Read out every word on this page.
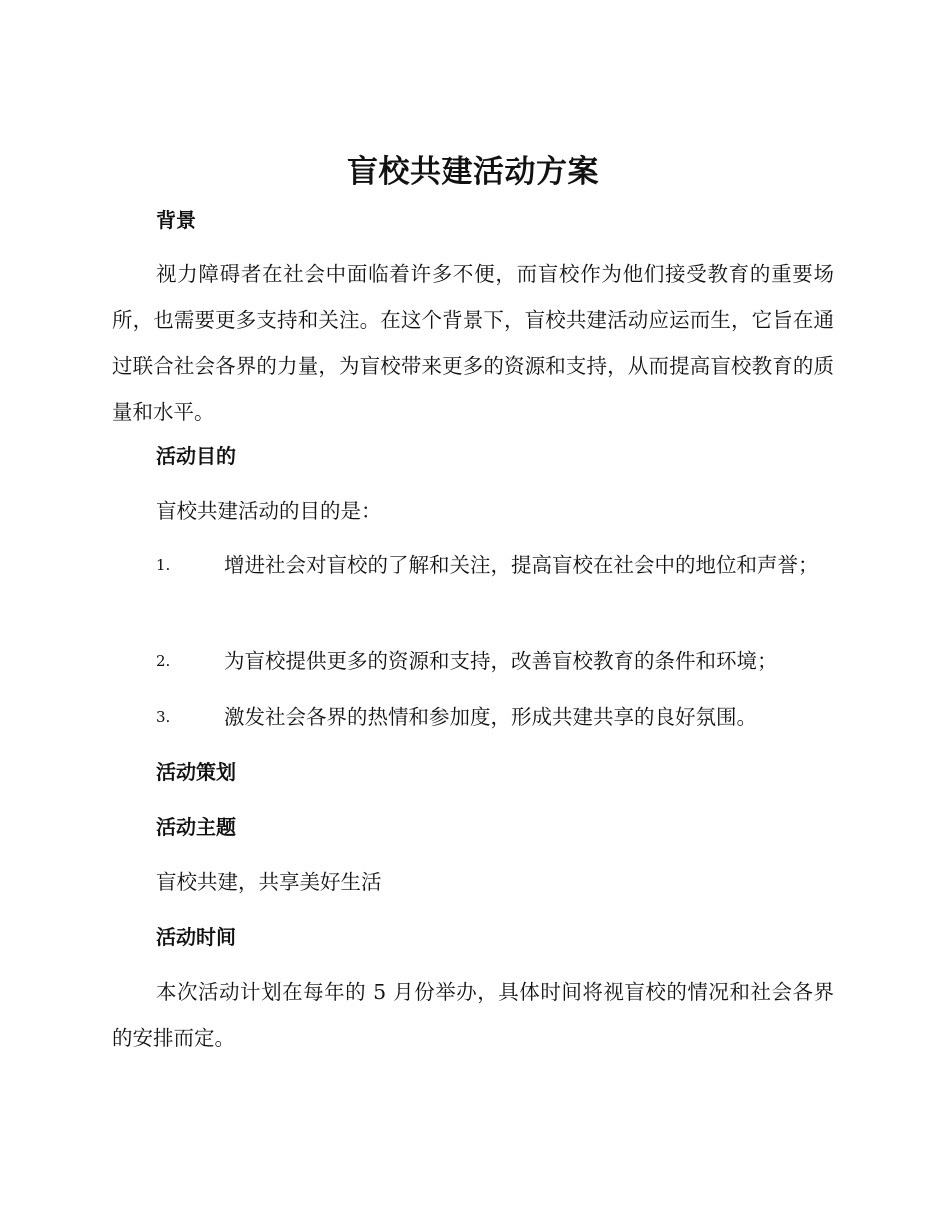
盲校共建活动方案
背景

视力障碍者在社会中面临着许多不便，而盲校作为他们接受教育的重要场所，也需要更多支持和关注。在这个背景下，盲校共建活动应运而生，它旨在通过联合社会各界的力量，为盲校带来更多的资源和支持，从而提高盲校教育的质量和水平。

活动目的

盲校共建活动的目的是：

1.	增进社会对盲校的了解和关注，提高盲校在社会中的地位和声誉；
2.	为盲校提供更多的资源和支持，改善盲校教育的条件和环境；
3.	激发社会各界的热情和参加度，形成共建共享的良好氛围。
活动策划
活动主题

盲校共建，共享美好生活

活动时间

本次活动计划在每年的 5 月份举办，具体时间将视盲校的情况和社会各界的安排而定。
